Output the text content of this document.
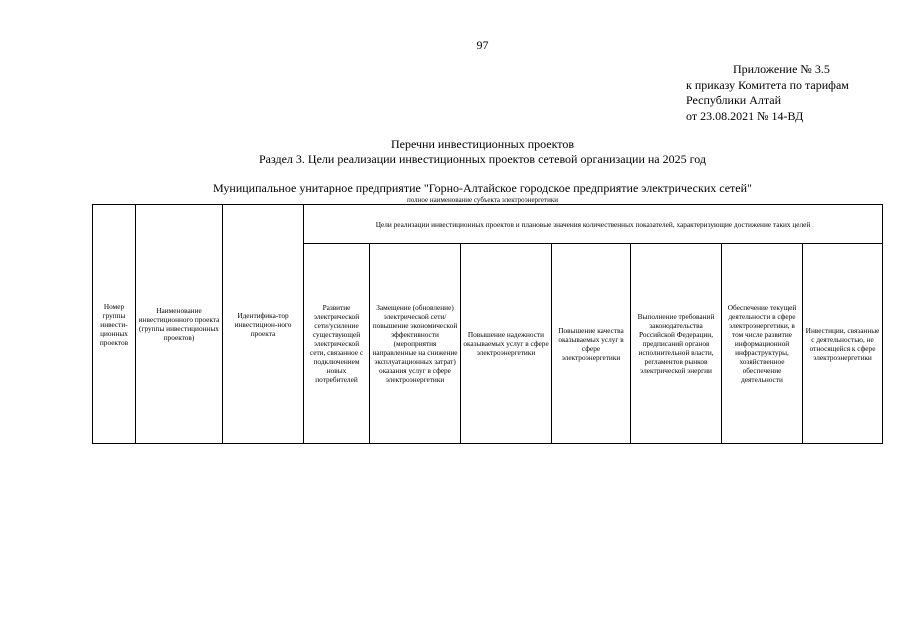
97
Приложение № 3.5
к приказу Комитета по тарифам
Республики Алтай
от 23.08.2021 № 14-ВД
Перечни инвестиционных проектов
Раздел 3. Цели реализации инвестиционных проектов сетевой организации на 2025 год
Муниципальное унитарное предприятие "Горно-Алтайское городское предприятие электрических сетей"
полное наименование субъекта электроэнергетики
Номер группы инвести-ционных проектов	Наименование инвестиционного проекта (группы инвестиционных проектов)	Идентифика-тор инвестицион-ного проекта	Цели реализации инвестиционных проектов и плановые значения количественных показателей, характеризующие достижение таких целей						
			Развитие электрической сети/усиление существующей электрической сети, связанное с подключением новых потребителей	Замещение (обновление) электрической сети/повышение экономической эффективности (мероприятия направленные на снижение эксплуатационных затрат) оказания услуг в сфере электроэнергетики	Повышение надежности оказываемых услуг в сфере электроэнергетики	Повышение качества оказываемых услуг в сфере электроэнергетики	Выполнение требований законодательства Российской Федерации, предписаний органов исполнительной власти, регламентов рынков электрической энергии	Обеспечение текущей деятельности в сфере электроэнергетики, в том числе развитие информационной инфраструктуры, хозяйственное обеспечение деятельности	Инвестиции, связанные с деятельностью, не относящейся к сфере электроэнергетики
